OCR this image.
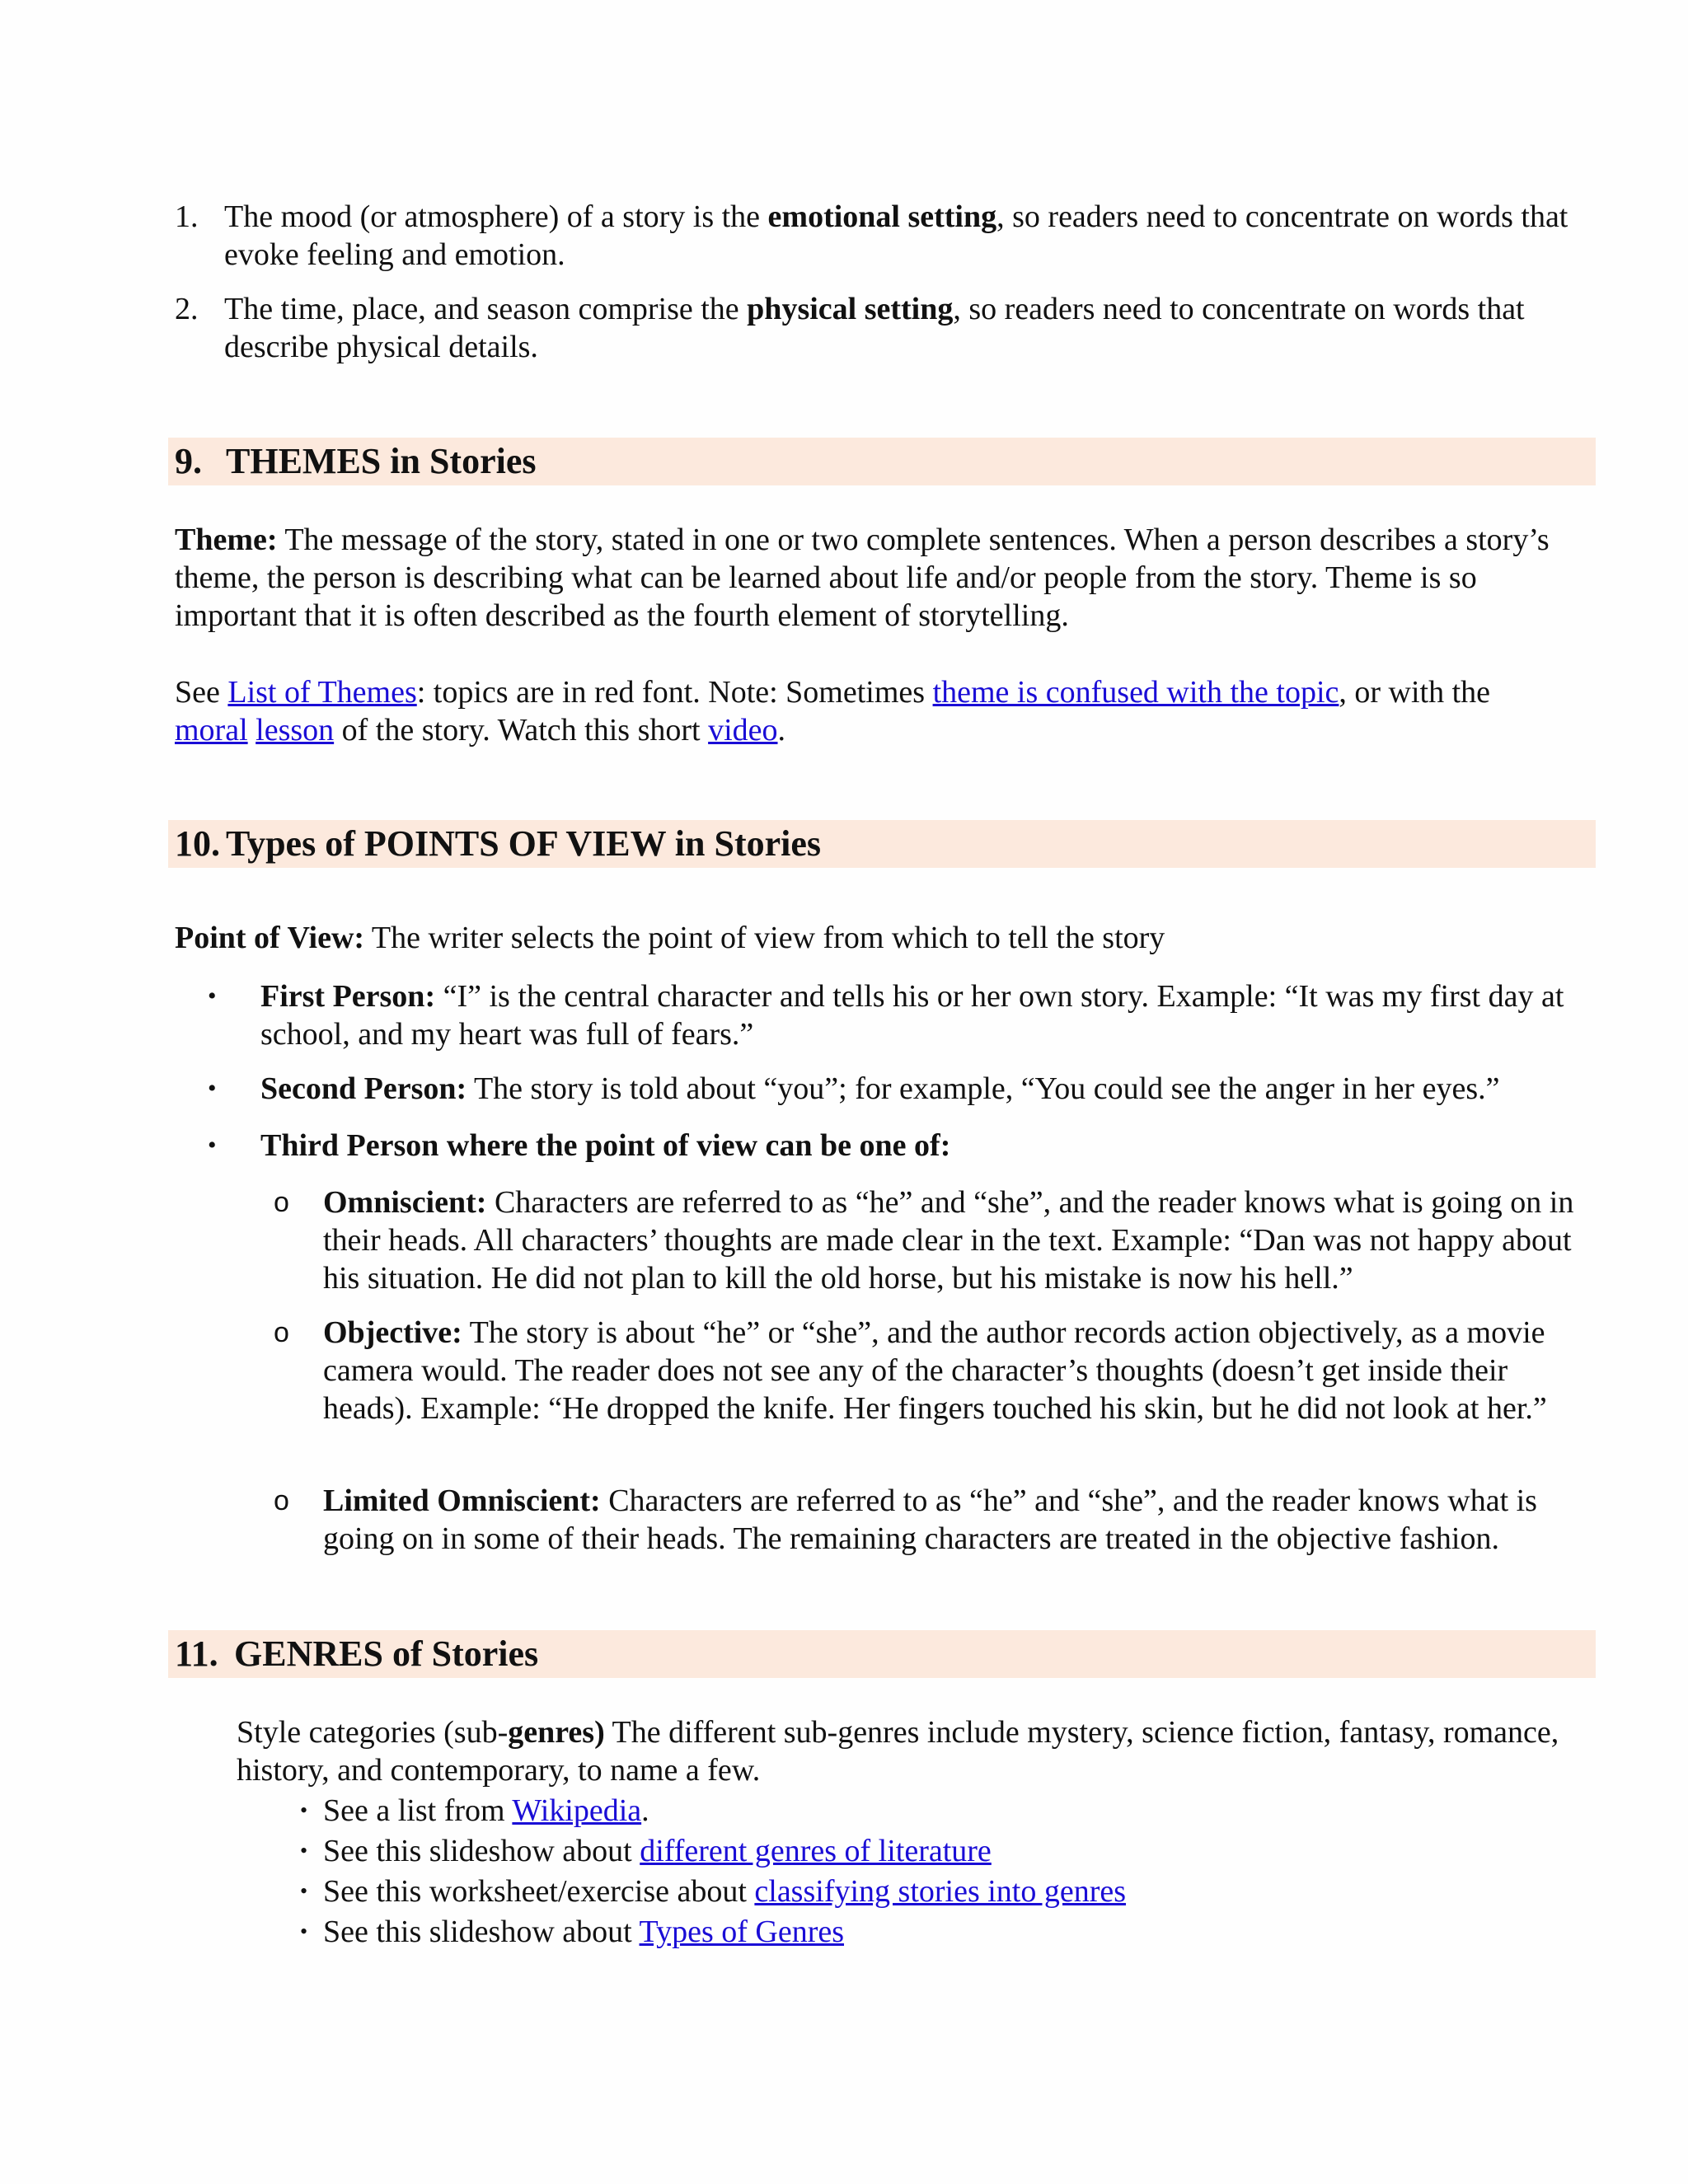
1. The mood (or atmosphere) of a story is the emotional setting, so readers need to concentrate on words that evoke feeling and emotion.

2. The time, place, and season comprise the physical setting, so readers need to concentrate on words that describe physical details.

9. THEMES in Stories

Theme: The message of the story, stated in one or two complete sentences. When a person describes a story’s theme, the person is describing what can be learned about life and/or people from the story. Theme is so important that it is often described as the fourth element of storytelling.

See List of Themes: topics are in red font. Note: Sometimes theme is confused with the topic, or with the
moral lesson of the story. Watch this short video.

10. Types of POINTS OF VIEW in Stories

Point of View: The writer selects the point of view from which to tell the story

• First Person: “I” is the central character and tells his or her own story. Example: “It was my first day at school, and my heart was full of fears.”

• Second Person: The story is told about “you”; for example, “You could see the anger in her eyes.”

• Third Person where the point of view can be one of:

o Omniscient: Characters are referred to as “he” and “she”, and the reader knows what is going on in their heads. All characters’ thoughts are made clear in the text. Example: “Dan was not happy about his situation. He did not plan to kill the old horse, but his mistake is now his hell.”

o Objective: The story is about “he” or “she”, and the author records action objectively, as a movie camera would. The reader does not see any of the character’s thoughts (doesn’t get inside their heads). Example: “He dropped the knife. Her fingers touched his skin, but he did not look at her.”

o Limited Omniscient: Characters are referred to as “he” and “she”, and the reader knows what is going on in some of their heads. The remaining characters are treated in the objective fashion.

11. GENRES of Stories

Style categories (sub-genres) The different sub-genres include mystery, science fiction, fantasy, romance, history, and contemporary, to name a few.

• See a list from Wikipedia.

• See this slideshow about different genres of literature

• See this worksheet/exercise about classifying stories into genres

• See this slideshow about Types of Genres
